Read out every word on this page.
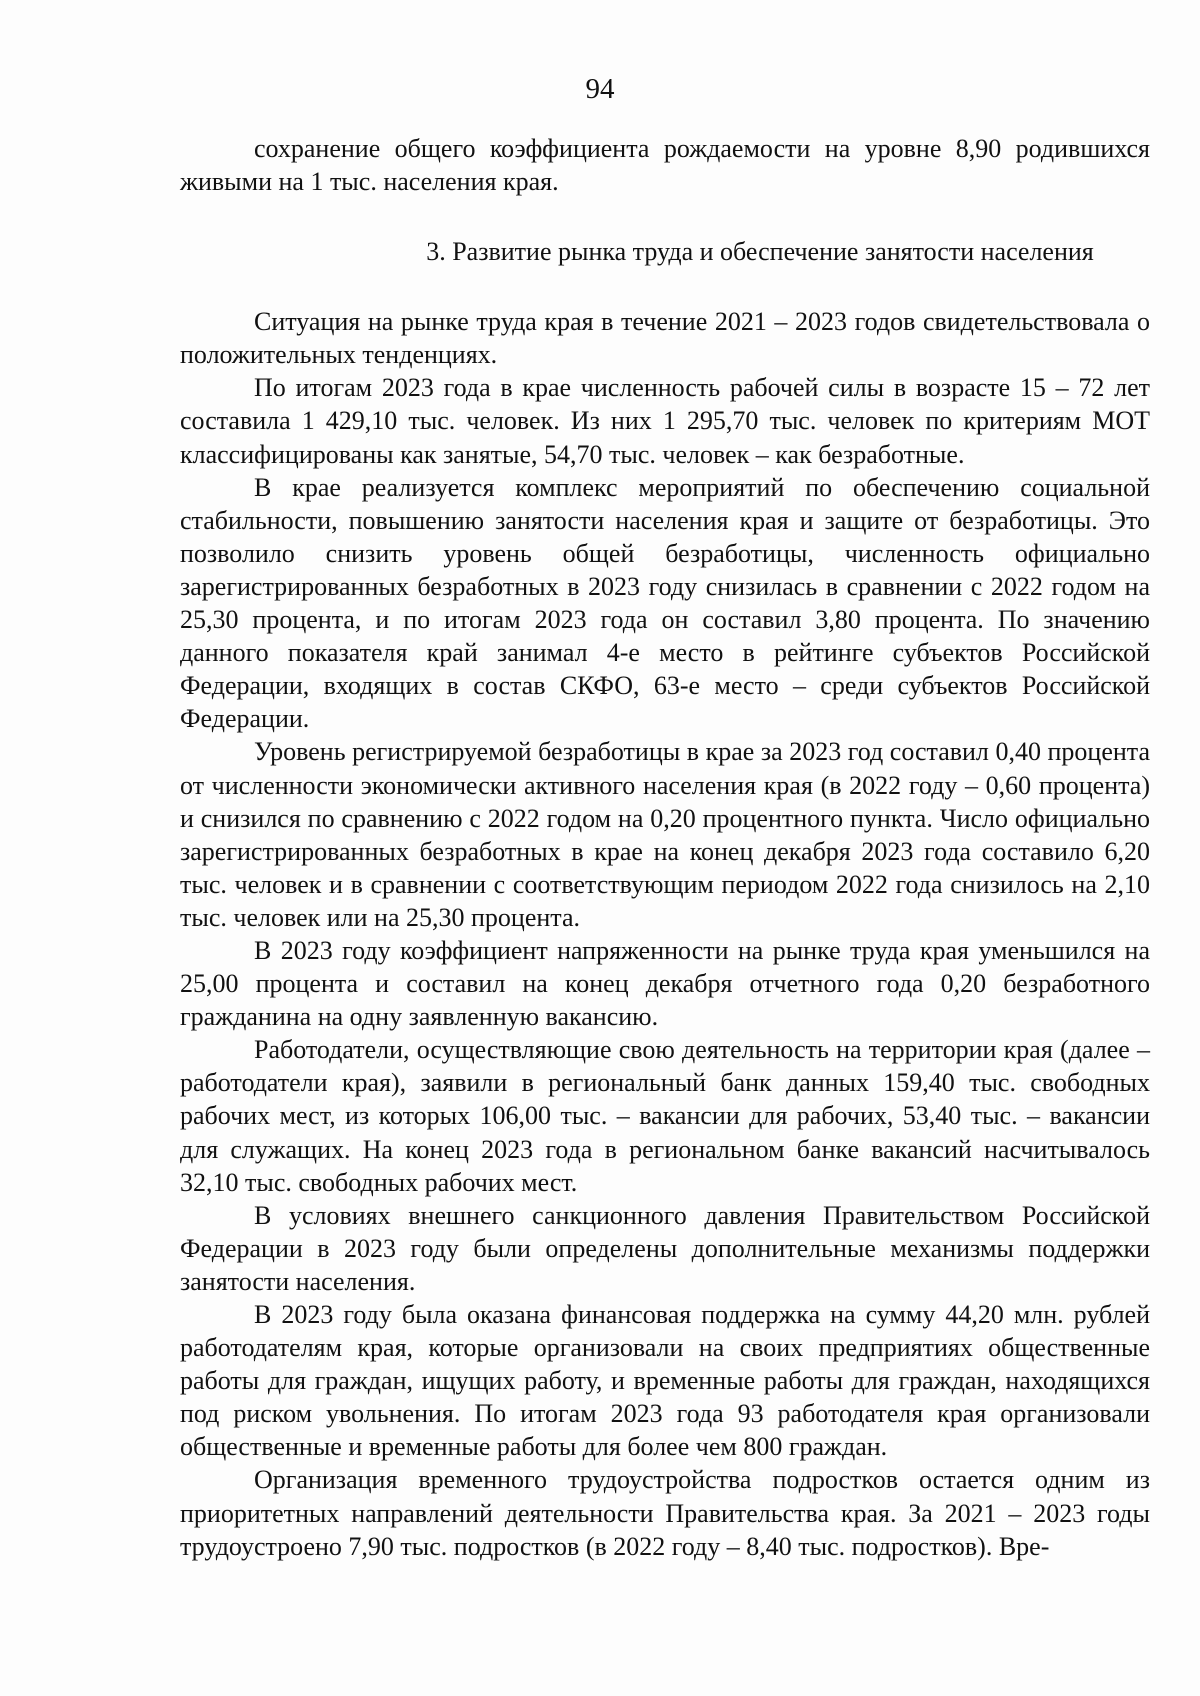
94

сохранение общего коэффициента рождаемости на уровне 8,90 родившихся живыми на 1 тыс. населения края.

3. Развитие рынка труда и обеспечение занятости населения

Ситуация на рынке труда края в течение 2021 – 2023 годов свидетельствовала о положительных тенденциях.

По итогам 2023 года в крае численность рабочей силы в возрасте 15 – 72 лет составила 1 429,10 тыс. человек. Из них 1 295,70 тыс. человек по критериям МОТ классифицированы как занятые, 54,70 тыс. человек – как безработные.

В крае реализуется комплекс мероприятий по обеспечению социальной стабильности, повышению занятости населения края и защите от безработицы. Это позволило снизить уровень общей безработицы, численность официально зарегистрированных безработных в 2023 году снизилась в сравнении с 2022 годом на 25,30 процента, и по итогам 2023 года он составил 3,80 процента. По значению данного показателя край занимал 4-е место в рейтинге субъектов Российской Федерации, входящих в состав СКФО, 63-е место – среди субъектов Российской Федерации.

Уровень регистрируемой безработицы в крае за 2023 год составил 0,40 процента от численности экономически активного населения края (в 2022 году – 0,60 процента) и снизился по сравнению с 2022 годом на 0,20 процентного пункта. Число официально зарегистрированных безработных в крае на конец декабря 2023 года составило 6,20 тыс. человек и в сравнении с соответствующим периодом 2022 года снизилось на 2,10 тыс. человек или на 25,30 процента.

В 2023 году коэффициент напряженности на рынке труда края уменьшился на 25,00 процента и составил на конец декабря отчетного года 0,20 безработного гражданина на одну заявленную вакансию.

Работодатели, осуществляющие свою деятельность на территории края (далее – работодатели края), заявили в региональный банк данных 159,40 тыс. свободных рабочих мест, из которых 106,00 тыс. – вакансии для рабочих, 53,40 тыс. – вакансии для служащих. На конец 2023 года в региональном банке вакансий насчитывалось 32,10 тыс. свободных рабочих мест.

В условиях внешнего санкционного давления Правительством Российской Федерации в 2023 году были определены дополнительные механизмы поддержки занятости населения.

В 2023 году была оказана финансовая поддержка на сумму 44,20 млн. рублей работодателям края, которые организовали на своих предприятиях общественные работы для граждан, ищущих работу, и временные работы для граждан, находящихся под риском увольнения. По итогам 2023 года 93 работодателя края организовали общественные и временные работы для более чем 800 граждан.

Организация временного трудоустройства подростков остается одним из приоритетных направлений деятельности Правительства края. За 2021 – 2023 годы трудоустроено 7,90 тыс. подростков (в 2022 году – 8,40 тыс. подростков). Вре-
